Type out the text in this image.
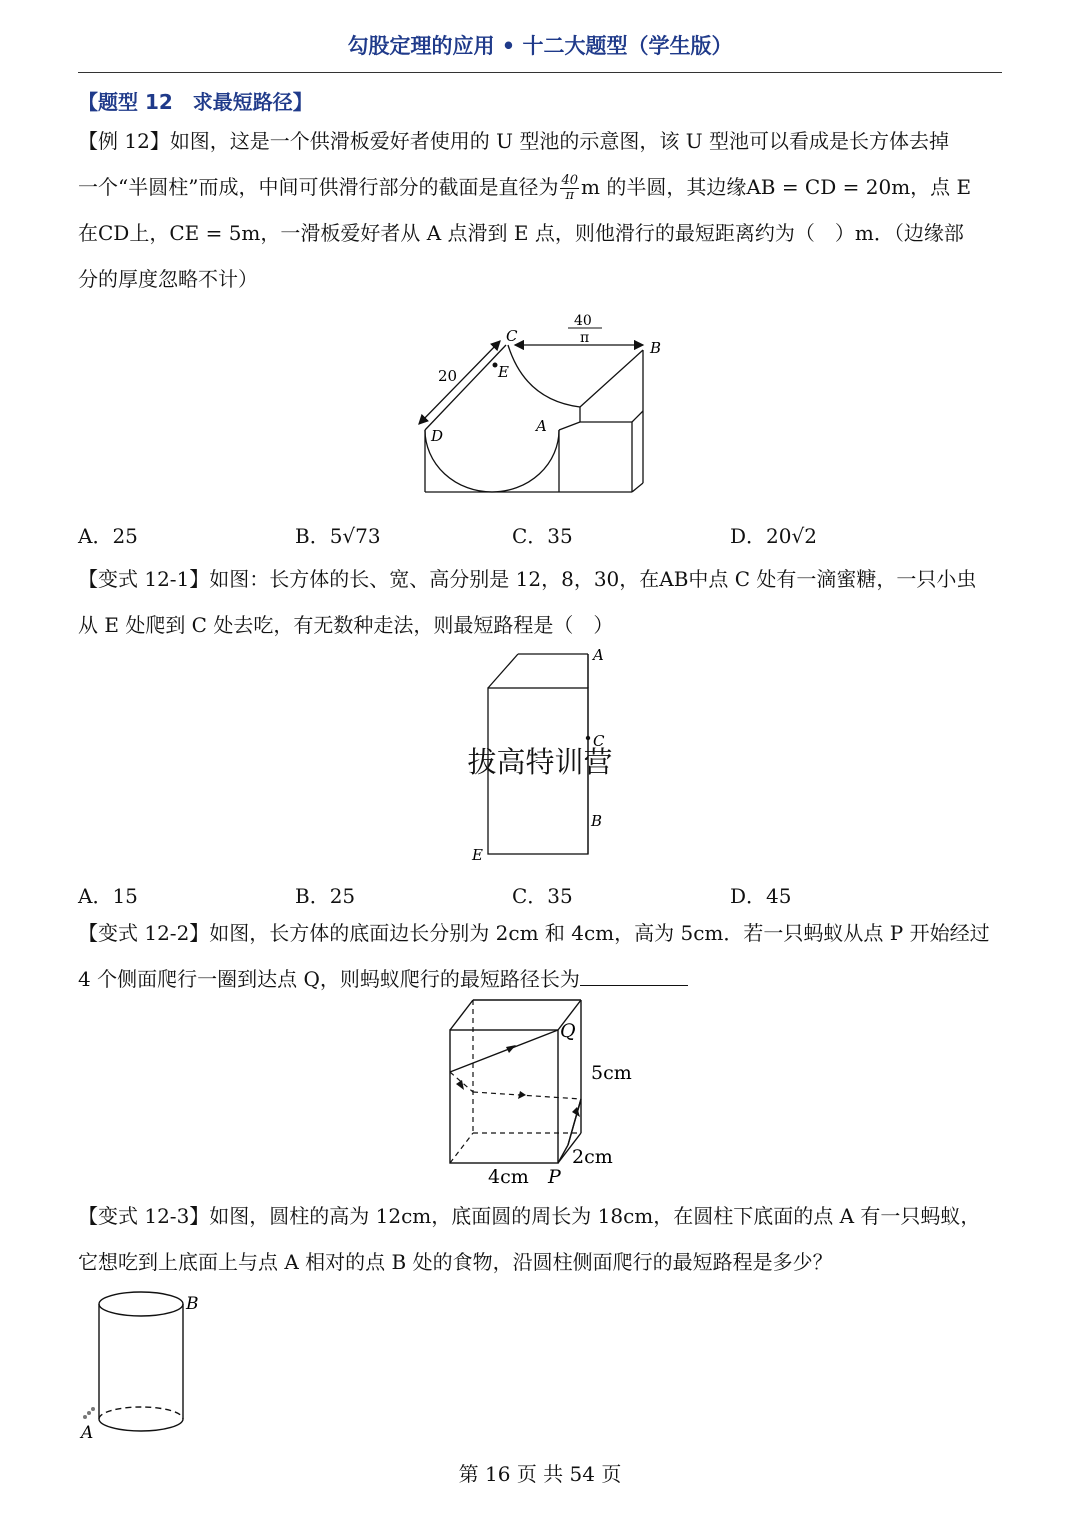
勾股定理的应用 • 十二大题型（学生版）
【题型 12　求最短路径】
【例 12】如图，这是一个供滑板爱好者使用的 U 型池的示意图，该 U 型池可以看成是长方体去掉
一个“半圆柱”而成，中间可供滑行部分的截面是直径为 $\frac{40}{\pi}$ m 的半圆，其边缘AB = CD = 20m，点 E
在CD上，CE = 5m，一滑板爱好者从 A 点滑到 E 点，则他滑行的最短距离约为（　）m．（边缘部
分的厚度忽略不计）
C
B
D
E
A
20
40
π
A．25	B．5√73	C．35	D．20√2
【变式 12-1】如图：长方体的长、宽、高分别是 12，8，30，在AB中点 C 处有一滴蜜糖，一只小虫
从 E 处爬到 C 处去吃，有无数种走法，则最短路程是（　）
A
C
B
E
拔高特训营
A．15	B．25	C．35	D．45
【变式 12-2】如图，长方体的底面边长分别为 2cm 和 4cm，高为 5cm．若一只蚂蚁从点 P 开始经过
4 个侧面爬行一圈到达点 Q，则蚂蚁爬行的最短路径长为
Q
P
5cm
2cm
4cm
【变式 12-3】如图，圆柱的高为 12cm，底面圆的周长为 18cm，在圆柱下底面的点 A 有一只蚂蚁，
它想吃到上底面上与点 A 相对的点 B 处的食物，沿圆柱侧面爬行的最短路程是多少？
B
A
第 16 页 共 54 页
